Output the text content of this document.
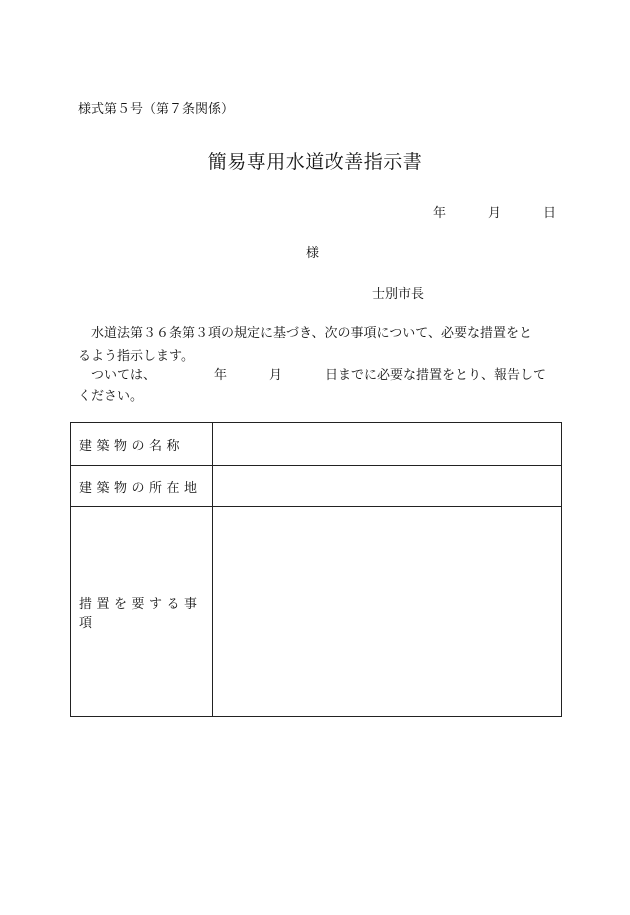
様式第５号（第７条関係）
簡易専用水道改善指示書
年	月	日
様
士別市長
　水道法第３６条第３項の規定に基づき、次の事項について、必要な措置をと
るよう指示します。
　ついては、	年	月	日までに必要な措置をとり、報告して
ください。
建築物の名称	
建築物の所在地	
措置を要する事項	
